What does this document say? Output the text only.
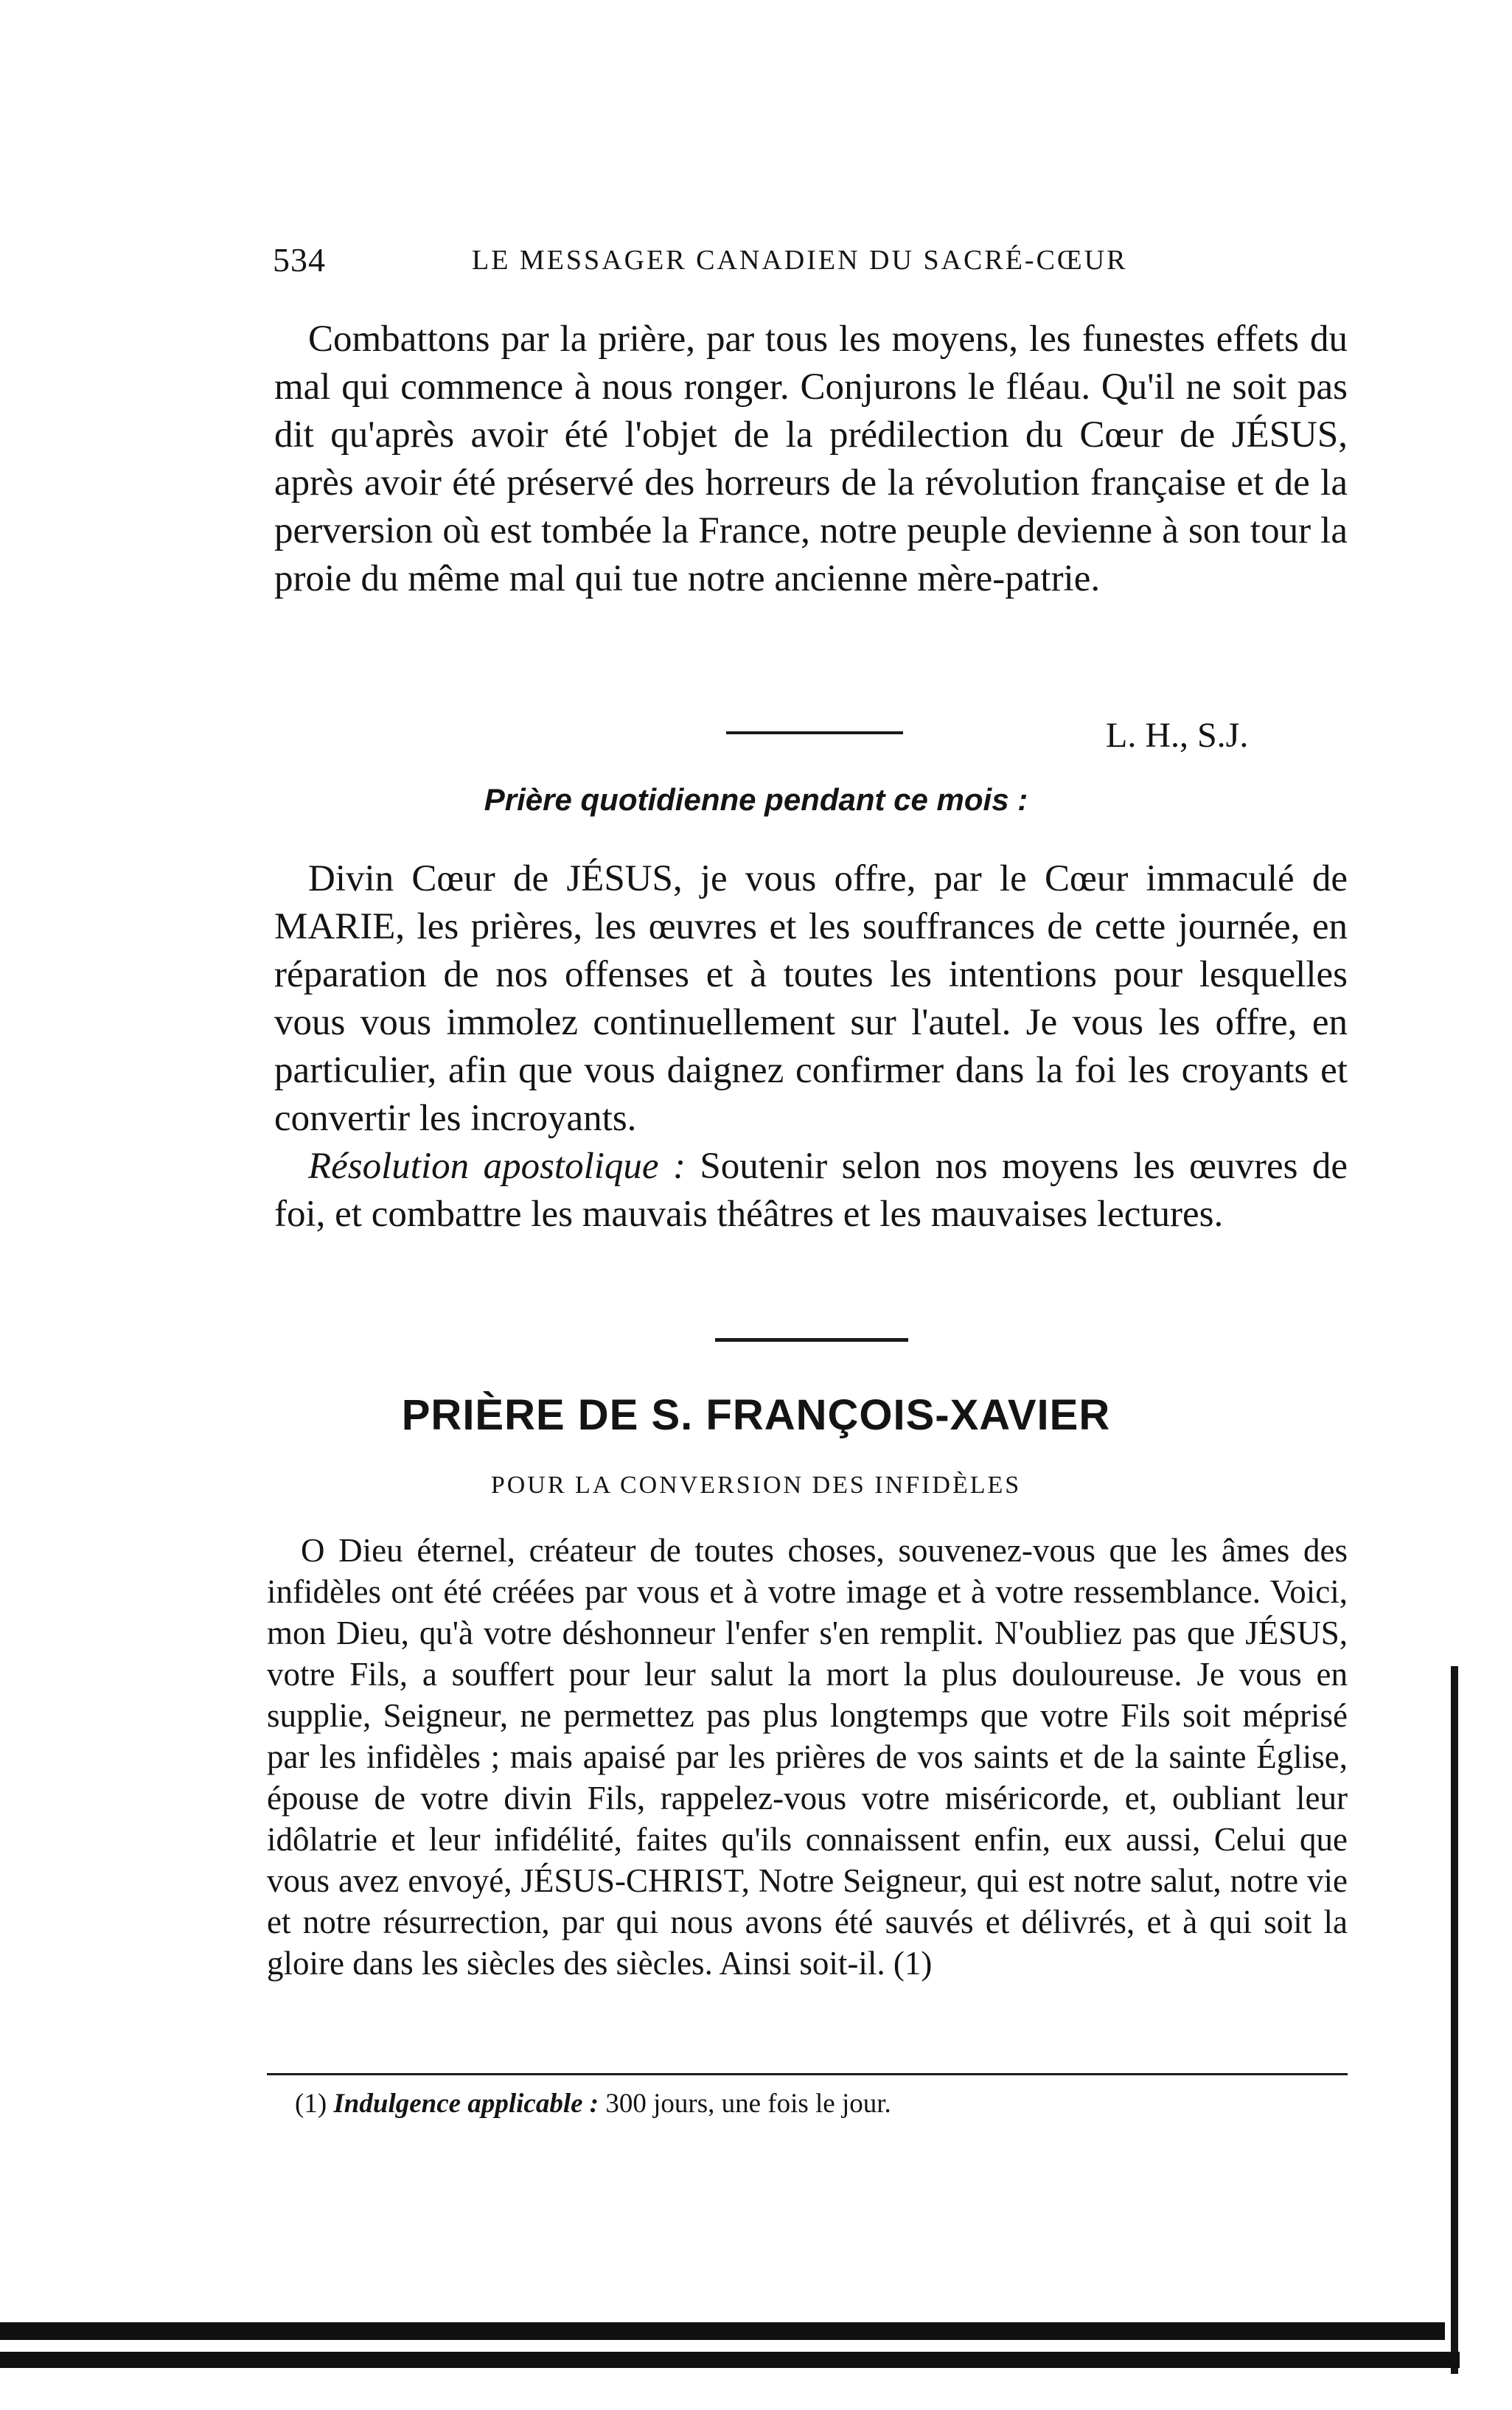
534	LE MESSAGER CANADIEN DU SACRÉ-CŒUR

Combattons par la prière, par tous les moyens, les funestes effets du mal qui commence à nous ronger. Conjurons le fléau. Qu'il ne soit pas dit qu'après avoir été l'objet de la prédilection du Cœur de JÉSUS, après avoir été préservé des horreurs de la révolution française et de la perversion où est tombée la France, notre peuple devienne à son tour la proie du même mal qui tue notre ancienne mère-patrie.

L. H., S.J.
Prière quotidienne pendant ce mois :

Divin Cœur de JÉSUS, je vous offre, par le Cœur immaculé de MARIE, les prières, les œuvres et les souffrances de cette journée, en réparation de nos offenses et à toutes les intentions pour lesquelles vous vous immolez continuellement sur l'autel. Je vous les offre, en particulier, afin que vous daignez confirmer dans la foi les croyants et convertir les incroyants.

Résolution apostolique : Soutenir selon nos moyens les œuvres de foi, et combattre les mauvais théâtres et les mauvaises lectures.

PRIÈRE DE S. FRANÇOIS-XAVIER
POUR LA CONVERSION DES INFIDÈLES

O Dieu éternel, créateur de toutes choses, souvenez-vous que les âmes des infidèles ont été créées par vous et à votre image et à votre ressemblance. Voici, mon Dieu, qu'à votre déshonneur l'enfer s'en remplit. N'oubliez pas que JÉSUS, votre Fils, a souffert pour leur salut la mort la plus douloureuse. Je vous en supplie, Seigneur, ne permettez pas plus longtemps que votre Fils soit méprisé par les infidèles ; mais apaisé par les prières de vos saints et de la sainte Église, épouse de votre divin Fils, rappelez-vous votre miséricorde, et, oubliant leur idôlatrie et leur infidélité, faites qu'ils connaissent enfin, eux aussi, Celui que vous avez envoyé, JÉSUS-CHRIST, Notre Seigneur, qui est notre salut, notre vie et notre résurrection, par qui nous avons été sauvés et délivrés, et à qui soit la gloire dans les siècles des siècles. Ainsi soit-il. (1)

(1) Indulgence applicable : 300 jours, une fois le jour.
